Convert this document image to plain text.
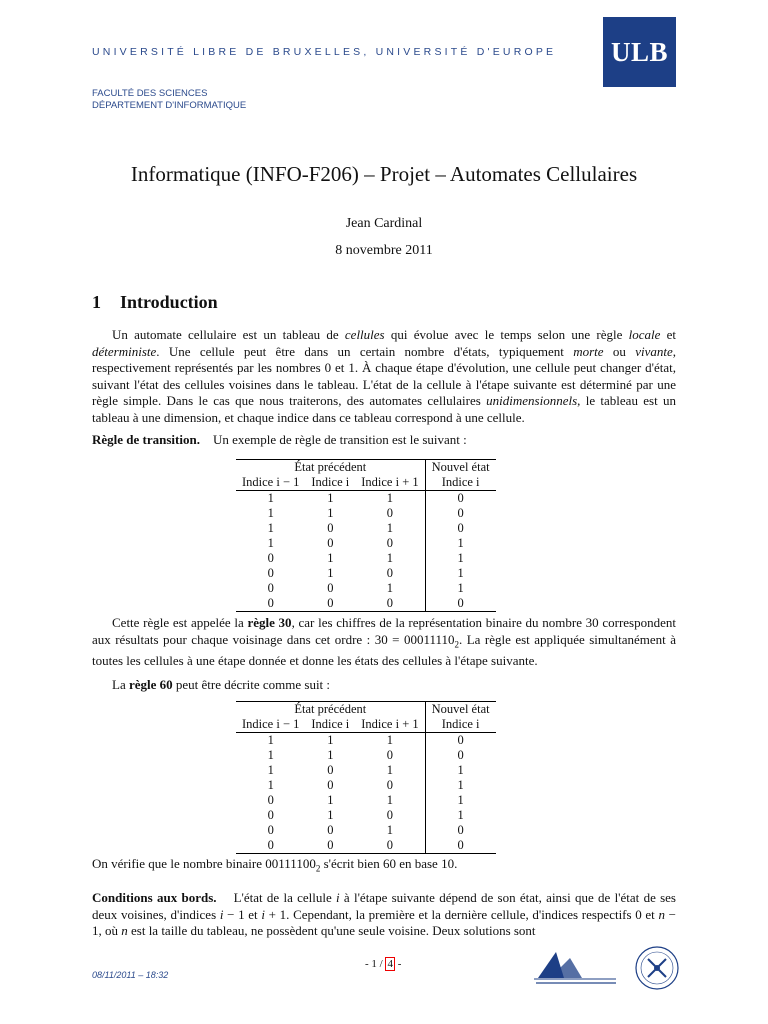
UNIVERSITÉ LIBRE DE BRUXELLES, UNIVERSITÉ D'EUROPE ULB
FACULTÉ DES SCIENCES
DÉPARTEMENT D'INFORMATIQUE
Informatique (INFO-F206) – Projet – Automates Cellulaires
Jean Cardinal
8 novembre 2011
1 Introduction
Un automate cellulaire est un tableau de cellules qui évolue avec le temps selon une règle locale et déterministe. Une cellule peut être dans un certain nombre d'états, typiquement morte ou vivante, respectivement représentés par les nombres 0 et 1. À chaque étape d'évolution, une cellule peut changer d'état, suivant l'état des cellules voisines dans le tableau. L'état de la cellule à l'étape suivante est déterminé par une règle simple. Dans le cas que nous traiterons, des automates cellulaires unidimensionnels, le tableau est un tableau à une dimension, et chaque indice dans ce tableau correspond à une cellule.
Règle de transition. Un exemple de règle de transition est le suivant :
État précédent			Nouvel état
Indice i − 1	Indice i	Indice i + 1	Indice i
1	1	1	0
1	1	0	0
1	0	1	0
1	0	0	1
0	1	1	1
0	1	0	1
0	0	1	1
0	0	0	0
Cette règle est appelée la règle 30, car les chiffres de la représentation binaire du nombre 30 correspondent aux résultats pour chaque voisinage dans cet ordre : $30 = 00011110_2$. La règle est appliquée simultanément à toutes les cellules à une étape donnée et donne les états des cellules à l'étape suivante.
La règle 60 peut être décrite comme suit :
État précédent			Nouvel état
Indice i − 1	Indice i	Indice i + 1	Indice i
1	1	1	0
1	1	0	0
1	0	1	1
1	0	0	1
0	1	1	1
0	1	0	1
0	0	1	0
0	0	0	0
On vérifie que le nombre binaire $00111100_2$ s'écrit bien 60 en base 10.
Conditions aux bords. L'état de la cellule i à l'étape suivante dépend de son état, ainsi que de l'état de ses deux voisines, d'indices i − 1 et i + 1. Cependant, la première et la dernière cellule, d'indices respectifs 0 et n − 1, où n est la taille du tableau, ne possèdent qu'une seule voisine. Deux solutions sont
- 1 / 4 -
08/11/2011 – 18:32
